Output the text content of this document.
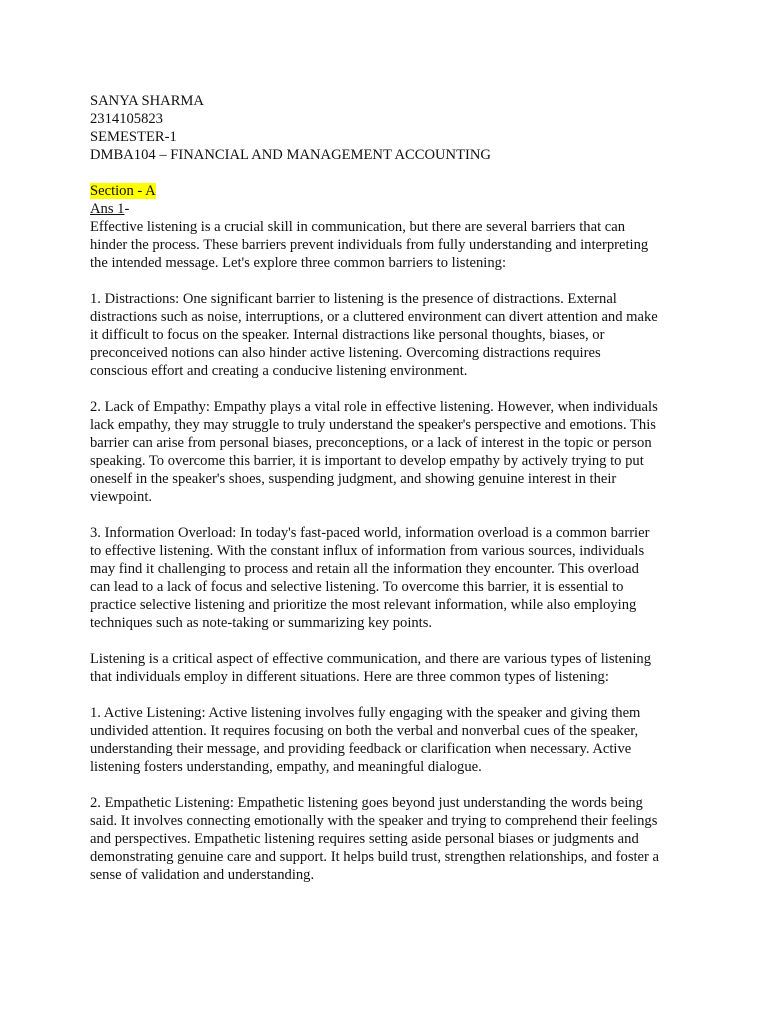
SANYA SHARMA
2314105823
SEMESTER-1
DMBA104 – FINANCIAL AND MANAGEMENT ACCOUNTING
Section - A
Ans 1-
Effective listening is a crucial skill in communication, but there are several barriers that can
hinder the process. These barriers prevent individuals from fully understanding and interpreting
the intended message. Let's explore three common barriers to listening:
1. Distractions: One significant barrier to listening is the presence of distractions. External
distractions such as noise, interruptions, or a cluttered environment can divert attention and make
it difficult to focus on the speaker. Internal distractions like personal thoughts, biases, or
preconceived notions can also hinder active listening. Overcoming distractions requires
conscious effort and creating a conducive listening environment.
2. Lack of Empathy: Empathy plays a vital role in effective listening. However, when individuals
lack empathy, they may struggle to truly understand the speaker's perspective and emotions. This
barrier can arise from personal biases, preconceptions, or a lack of interest in the topic or person
speaking. To overcome this barrier, it is important to develop empathy by actively trying to put
oneself in the speaker's shoes, suspending judgment, and showing genuine interest in their
viewpoint.
3. Information Overload: In today's fast-paced world, information overload is a common barrier
to effective listening. With the constant influx of information from various sources, individuals
may find it challenging to process and retain all the information they encounter. This overload
can lead to a lack of focus and selective listening. To overcome this barrier, it is essential to
practice selective listening and prioritize the most relevant information, while also employing
techniques such as note-taking or summarizing key points.
Listening is a critical aspect of effective communication, and there are various types of listening
that individuals employ in different situations. Here are three common types of listening:
1. Active Listening: Active listening involves fully engaging with the speaker and giving them
undivided attention. It requires focusing on both the verbal and nonverbal cues of the speaker,
understanding their message, and providing feedback or clarification when necessary. Active
listening fosters understanding, empathy, and meaningful dialogue.
2. Empathetic Listening: Empathetic listening goes beyond just understanding the words being
said. It involves connecting emotionally with the speaker and trying to comprehend their feelings
and perspectives. Empathetic listening requires setting aside personal biases or judgments and
demonstrating genuine care and support. It helps build trust, strengthen relationships, and foster a
sense of validation and understanding.
